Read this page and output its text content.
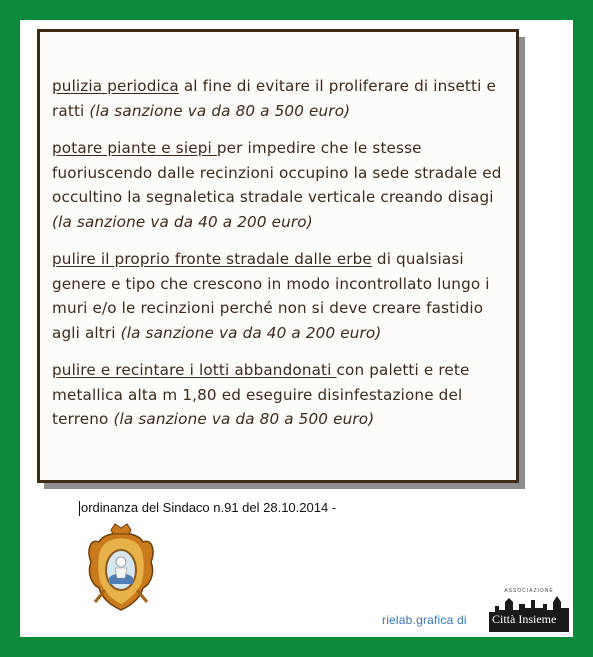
pulizia periodica al fine di evitare il proliferare di insetti e ratti (la sanzione va da 80 a 500 euro)
potare piante e siepi per impedire che le stesse fuoriuscendo dalle recinzioni occupino la sede stradale ed occultino la segnaletica stradale verticale creando disagi (la sanzione va da 40 a 200 euro)
pulire il proprio fronte stradale dalle erbe di qualsiasi genere e tipo che crescono in modo incontrollato lungo i muri e/o le recinzioni perché non si deve creare fastidio agli altri (la sanzione va da 40 a 200 euro)
pulire e recintare i lotti abbandonati con paletti e rete metallica alta m 1,80 ed eseguire disinfestazione del terreno (la sanzione va da 80 a 500 euro)
ordinanza del Sindaco n.91 del 28.10.2014 -
rielab.grafica di
ASSOCIAZIONE
Città Insieme
